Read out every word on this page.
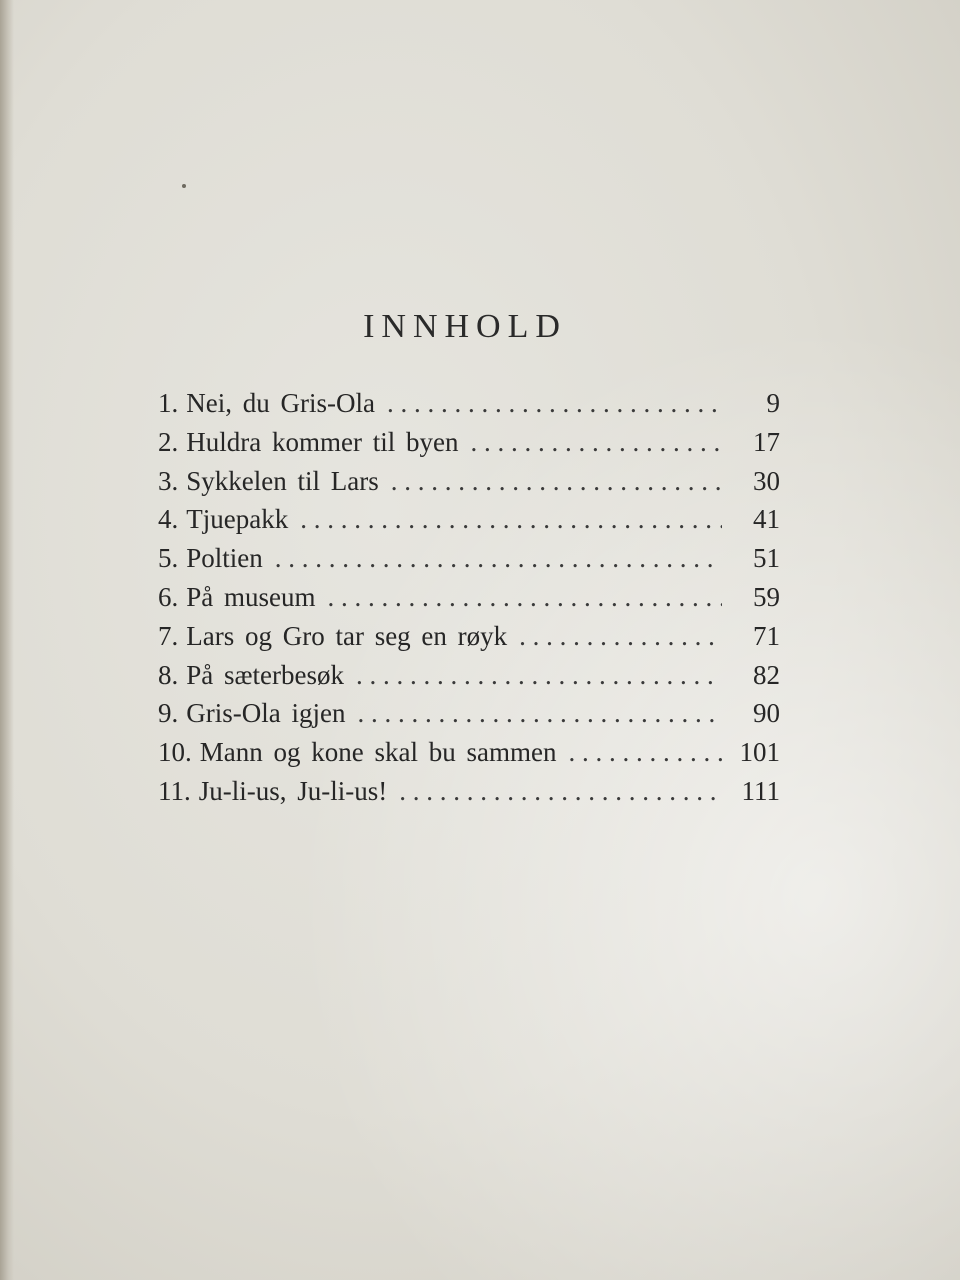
INNHOLD
1. Nei, du Gris-Ola . . .	9
2. Huldra kommer til byen . . .	17
3. Sykkelen til Lars . . .	30
4. Tjuepakk . . .	41
5. Poltien . . .	51
6. På museum . . .	59
7. Lars og Gro tar seg en røyk . . .	71
8. På sæterbesøk . . .	82
9. Gris-Ola igjen . . .	90
10. Mann og kone skal bu sammen . . .	101
11. Ju-li-us, Ju-li-us! . . .	111
